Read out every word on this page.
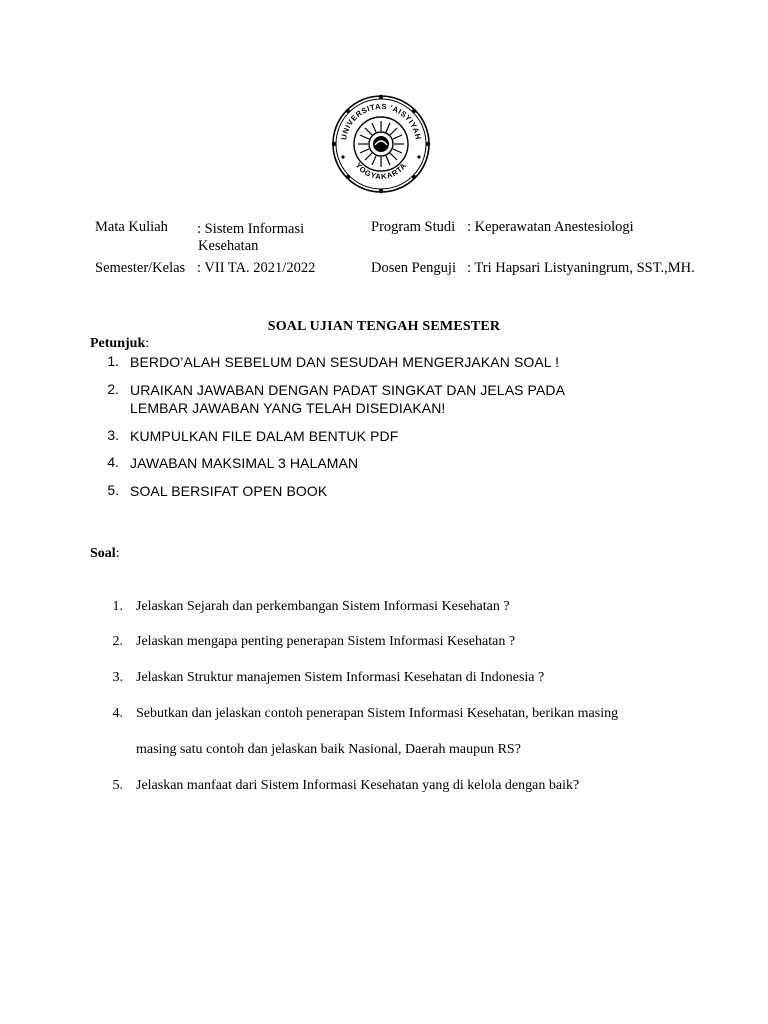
UNIVERSITAS 'AISYIYAH
YOGYAKARTA
Mata Kuliah : Sistem Informasi
Kesehatan
Program Studi : Keperawatan Anestesiologi
Semester/Kelas : VII TA. 2021/2022	Dosen Penguji : Tri Hapsari Listyaningrum, SST.,MH.
SOAL UJIAN TENGAH SEMESTER
Petunjuk:
1. BERDO’ALAH SEBELUM DAN SESUDAH MENGERJAKAN SOAL !
2. URAIKAN JAWABAN DENGAN PADAT SINGKAT DAN JELAS PADA
LEMBAR JAWABAN YANG TELAH DISEDIAKAN!
3. KUMPULKAN FILE DALAM BENTUK PDF
4. JAWABAN MAKSIMAL 3 HALAMAN
5. SOAL BERSIFAT OPEN BOOK
Soal:
1. Jelaskan Sejarah dan perkembangan Sistem Informasi Kesehatan ?
2. Jelaskan mengapa penting penerapan Sistem Informasi Kesehatan ?
3. Jelaskan Struktur manajemen Sistem Informasi Kesehatan di Indonesia ?
4. Sebutkan dan jelaskan contoh penerapan Sistem Informasi Kesehatan, berikan masing
masing satu contoh dan jelaskan baik Nasional, Daerah maupun RS?
5. Jelaskan manfaat dari Sistem Informasi Kesehatan yang di kelola dengan baik?
